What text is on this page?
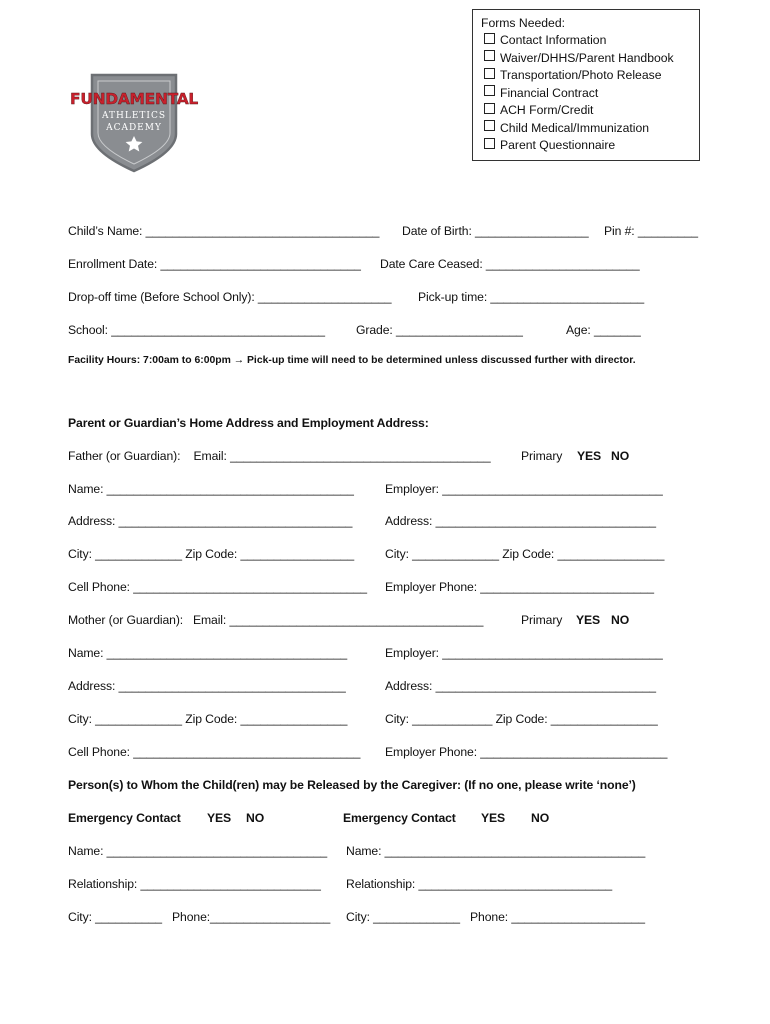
ATHLETICS
ACADEMY
FUNDAMENTAL
Forms Needed:
Contact Information
Waiver/DHHS/Parent Handbook
Transportation/Photo Release
Financial Contract
ACH Form/Credit
Child Medical/Immunization
Parent Questionnaire
Child’s Name: ___________________________________ Date of Birth: _________________ Pin #: _________
Enrollment Date: ______________________________ Date Care Ceased: _______________________
Drop-off time (Before School Only): ____________________ Pick-up time: _______________________
School: ________________________________	Grade: ___________________	Age: _______
Facility Hours: 7:00am to 6:00pm → Pick-up time will need to be determined unless discussed further with director.
Parent or Guardian’s Home Address and Employment Address:
Father (or Guardian):    Email: _______________________________________ Primary YES NO
Name: _____________________________________	Employer: _________________________________
Address: ___________________________________	Address: _________________________________
City: _____________ Zip Code: _________________	City: _____________ Zip Code: ________________
Cell Phone: ___________________________________ Employer Phone: __________________________
Mother (or Guardian):   Email: ______________________________________	Primary YES NO
Name: ____________________________________	Employer: _________________________________
Address: __________________________________	Address: _________________________________
City: _____________ Zip Code: ________________	City: ____________ Zip Code: ________________
Cell Phone: __________________________________ Employer Phone: ____________________________
Person(s) to Whom the Child(ren) may be Released by the Caregiver: (If no one, please write ‘none’)
Emergency Contact YES NO	Emergency Contact YES NO
Name: _________________________________ Name: _______________________________________
Relationship: ___________________________ Relationship: _____________________________
City: __________ Phone:__________________ City: _____________ Phone: ____________________
